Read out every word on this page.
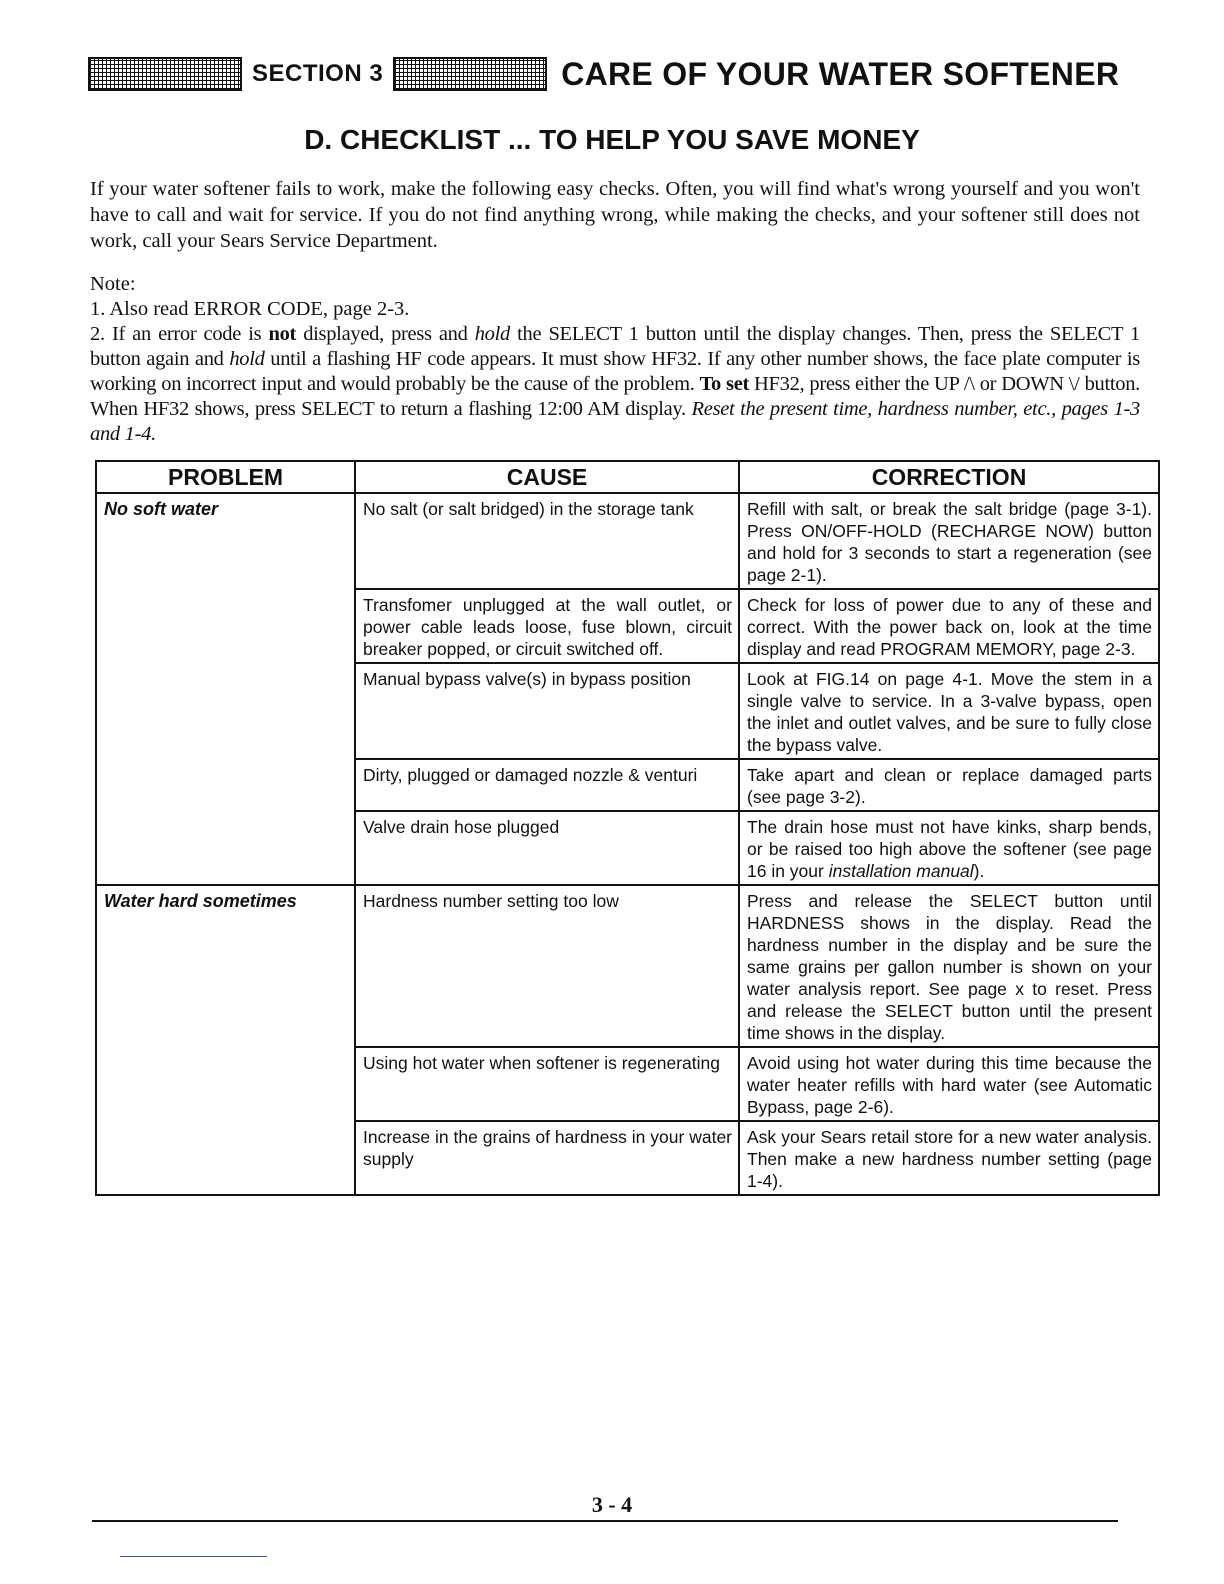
SECTION 3	CARE OF YOUR WATER SOFTENER
D. CHECKLIST ... TO HELP YOU SAVE MONEY
If your water softener fails to work, make the following easy checks. Often, you will find what's wrong yourself and you won't have to call and wait for service. If you do not find anything wrong, while making the checks, and your softener still does not work, call your Sears Service Department.

Note:

1. Also read ERROR CODE, page 2-3.

2. If an error code is not displayed, press and hold the SELECT 1 button until the display changes. Then, press the SELECT 1 button again and hold until a flashing HF code appears. It must show HF32. If any other number shows, the face plate computer is working on incorrect input and would probably be the cause of the problem. To set HF32, press either the UP /\ or DOWN \/ button. When HF32 shows, press SELECT to return a flashing 12:00 AM display. Reset the present time, hardness number, etc., pages 1-3 and 1-4.

PROBLEM	CAUSE	CORRECTION
No soft water	No salt (or salt bridged) in the storage tank	Refill with salt, or break the salt bridge (page 3-1). Press ON/OFF-HOLD (RECHARGE NOW) button and hold for 3 seconds to start a regeneration (see page 2-1).
	Transfomer unplugged at the wall outlet, or power cable leads loose, fuse blown, circuit breaker popped, or circuit switched off.	Check for loss of power due to any of these and correct. With the power back on, look at the time display and read PROGRAM MEMORY, page 2-3.
	Manual bypass valve(s) in bypass position	Look at FIG.14 on page 4-1. Move the stem in a single valve to service. In a 3-valve bypass, open the inlet and outlet valves, and be sure to fully close the bypass valve.
	Dirty, plugged or damaged nozzle & venturi	Take apart and clean or replace damaged parts (see page 3-2).
	Valve drain hose plugged	The drain hose must not have kinks, sharp bends, or be raised too high above the softener (see page 16 in your installation manual).
Water hard sometimes	Hardness number setting too low	Press and release the SELECT button until HARDNESS shows in the display. Read the hardness number in the display and be sure the same grains per gallon number is shown on your water analysis report. See page x to reset. Press and release the SELECT button until the present time shows in the display.
	Using hot water when softener is regenerating	Avoid using hot water during this time because the water heater refills with hard water (see Automatic Bypass, page 2-6).
	Increase in the grains of hardness in your water supply	Ask your Sears retail store for a new water analysis. Then make a new hardness number setting (page 1-4).
3 - 4
